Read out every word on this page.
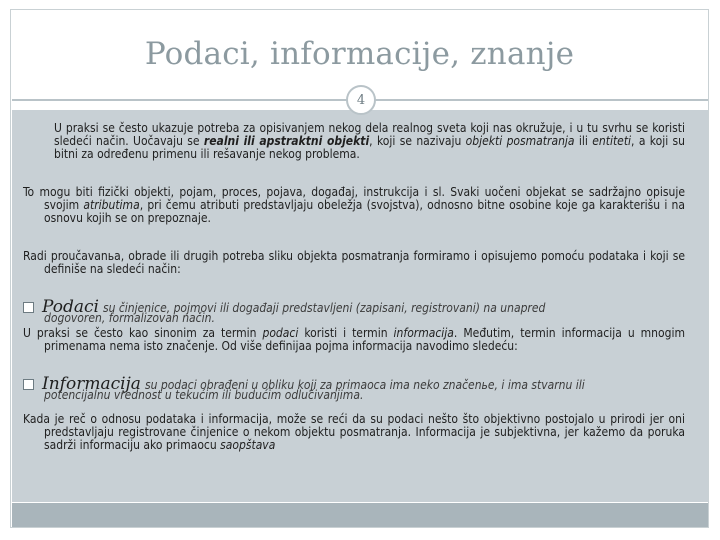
Podaci, informacije, znanje
4

U praksi se često ukazuje potreba za opisivanjem nekog dela realnog sveta koji nas okružuje, i u tu svrhu se koristi sledeći način. Uočavaju se realni ili apstraktni objekti, koji se nazivaju objekti posmatranja ili entiteti, a koji su bitni za određenu primenu ili rešavanje nekog problema.

To mogu biti fizički objekti, pojam, proces, pojava, događaj, instrukcija i sl. Svaki uočeni objekat se sadržajno opisuje svojim atributima, pri čemu atributi predstavljaju obeležja (svojstva), odnosno bitne osobine koje ga karakterišu i na osnovu kojih se on prepoznaje.

Radi proučavanьa, obrade ili drugih potreba sliku objekta posmatranja formiramo i opisujemo pomoću podataka i koji se definiše na sledeći način:

Podaci su činjenice, pojmovi ili događaji predstavljeni (zapisani, registrovani) na unapred
dogovoren, formalizovan način.

U praksi se često kao sinonim za termin podaci koristi i termin informacija. Međutim, termin informacija u mnogim primenama nema isto značenje. Od više definijaa pojma informacija navodimo sledeću:

Informacija su podaci obrađeni u obliku koji za primaoca ima neko značenьe, i ima stvarnu ili
potencijalnu vrednost u tekućim ili budućim odlučivanjima.

Kada je reč o odnosu podataka i informacija, može se reći da su podaci nešto što objektivno postojalo u prirodi jer oni predstavljaju registrovane činjenice o nekom objektu posmatranja. Informacija je subjektivna, jer kažemo da poruka sadrži informaciju ako primaocu saopštava
